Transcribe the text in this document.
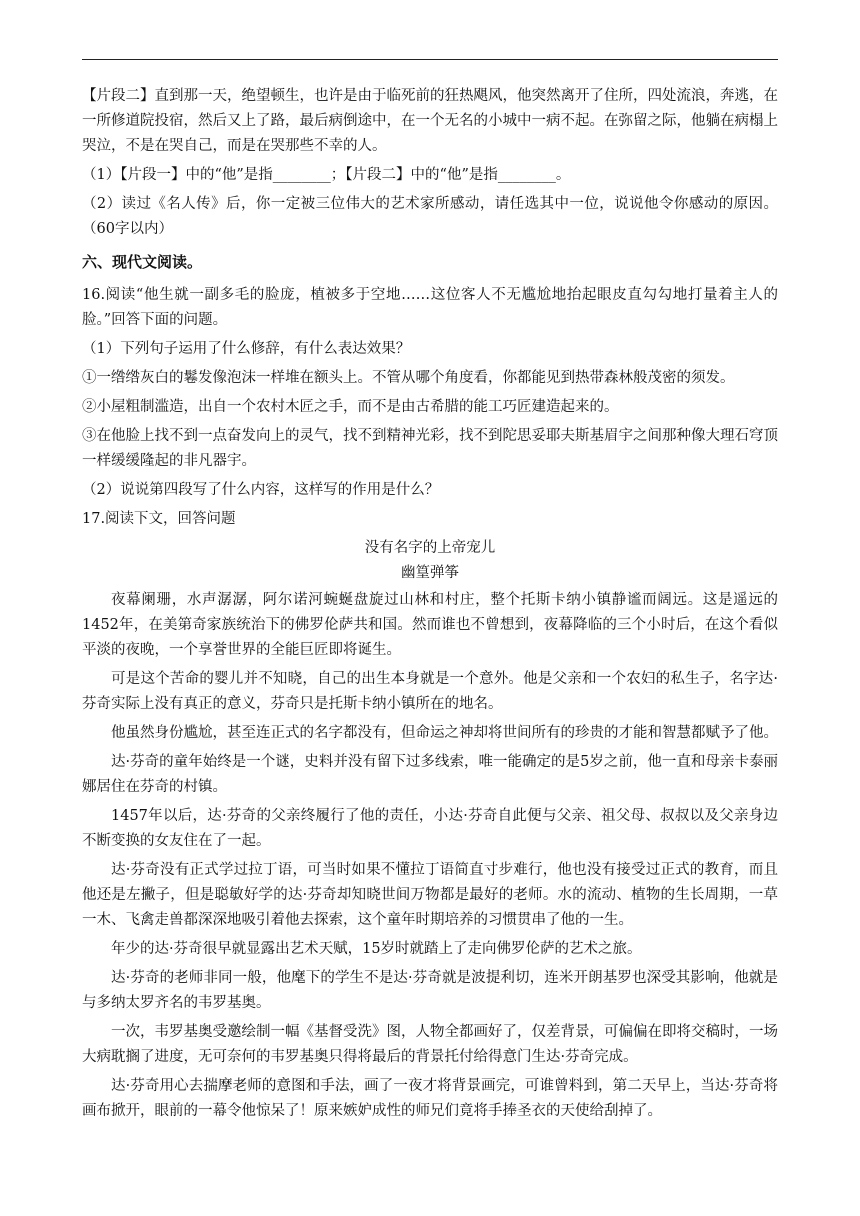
【片段二】直到那一天，绝望顿生，也许是由于临死前的狂热飓风，他突然离开了住所，四处流浪，奔逃，在一所修道院投宿，然后又上了路，最后病倒途中，在一个无名的小城中一病不起。在弥留之际，他躺在病榻上哭泣，不是在哭自己，而是在哭那些不幸的人。

（1）【片段一】中的“他”是指________；【片段二】中的“他”是指________。

（2）读过《名人传》后，你一定被三位伟大的艺术家所感动，请任选其中一位，说说他令你感动的原因。（60字以内）

六、现代文阅读。

16.阅读“他生就一副多毛的脸庞，植被多于空地……这位客人不无尴尬地抬起眼皮直勾勾地打量着主人的脸。”回答下面的问题。

（1）下列句子运用了什么修辞，有什么表达效果？

①一绺绺灰白的鬈发像泡沫一样堆在额头上。不管从哪个角度看，你都能见到热带森林般茂密的须发。

②小屋粗制滥造，出自一个农村木匠之手，而不是由古希腊的能工巧匠建造起来的。

③在他脸上找不到一点奋发向上的灵气，找不到精神光彩，找不到陀思妥耶夫斯基眉宇之间那种像大理石穹顶一样缓缓隆起的非凡器宇。

（2）说说第四段写了什么内容，这样写的作用是什么？

17.阅读下文，回答问题

没有名字的上帝宠儿

幽篁弹筝

夜幕阑珊，水声潺潺，阿尔诺河蜿蜒盘旋过山林和村庄，整个托斯卡纳小镇静谧而阔远。这是遥远的1452年，在美第奇家族统治下的佛罗伦萨共和国。然而谁也不曾想到，夜幕降临的三个小时后，在这个看似平淡的夜晚，一个享誉世界的全能巨匠即将诞生。

可是这个苦命的婴儿并不知晓，自己的出生本身就是一个意外。他是父亲和一个农妇的私生子，名字达·芬奇实际上没有真正的意义，芬奇只是托斯卡纳小镇所在的地名。

他虽然身份尴尬，甚至连正式的名字都没有，但命运之神却将世间所有的珍贵的才能和智慧都赋予了他。

达·芬奇的童年始终是一个谜，史料并没有留下过多线索，唯一能确定的是5岁之前，他一直和母亲卡泰丽娜居住在芬奇的村镇。

1457年以后，达·芬奇的父亲终履行了他的责任，小达·芬奇自此便与父亲、祖父母、叔叔以及父亲身边不断变换的女友住在了一起。

达·芬奇没有正式学过拉丁语，可当时如果不懂拉丁语简直寸步难行，他也没有接受过正式的教育，而且他还是左撇子，但是聪敏好学的达·芬奇却知晓世间万物都是最好的老师。水的流动、植物的生长周期，一草一木、飞禽走兽都深深地吸引着他去探索，这个童年时期培养的习惯贯串了他的一生。

年少的达·芬奇很早就显露出艺术天赋，15岁时就踏上了走向佛罗伦萨的艺术之旅。

达·芬奇的老师非同一般，他麾下的学生不是达·芬奇就是波提利切，连米开朗基罗也深受其影响，他就是与多纳太罗齐名的韦罗基奥。

一次，韦罗基奥受邀绘制一幅《基督受洗》图，人物全都画好了，仅差背景，可偏偏在即将交稿时，一场大病耽搁了进度，无可奈何的韦罗基奥只得将最后的背景托付给得意门生达·芬奇完成。

达·芬奇用心去揣摩老师的意图和手法，画了一夜才将背景画完，可谁曾料到，第二天早上，当达·芬奇将画布掀开，眼前的一幕令他惊呆了！原来嫉妒成性的师兄们竟将手捧圣衣的天使给刮掉了。
